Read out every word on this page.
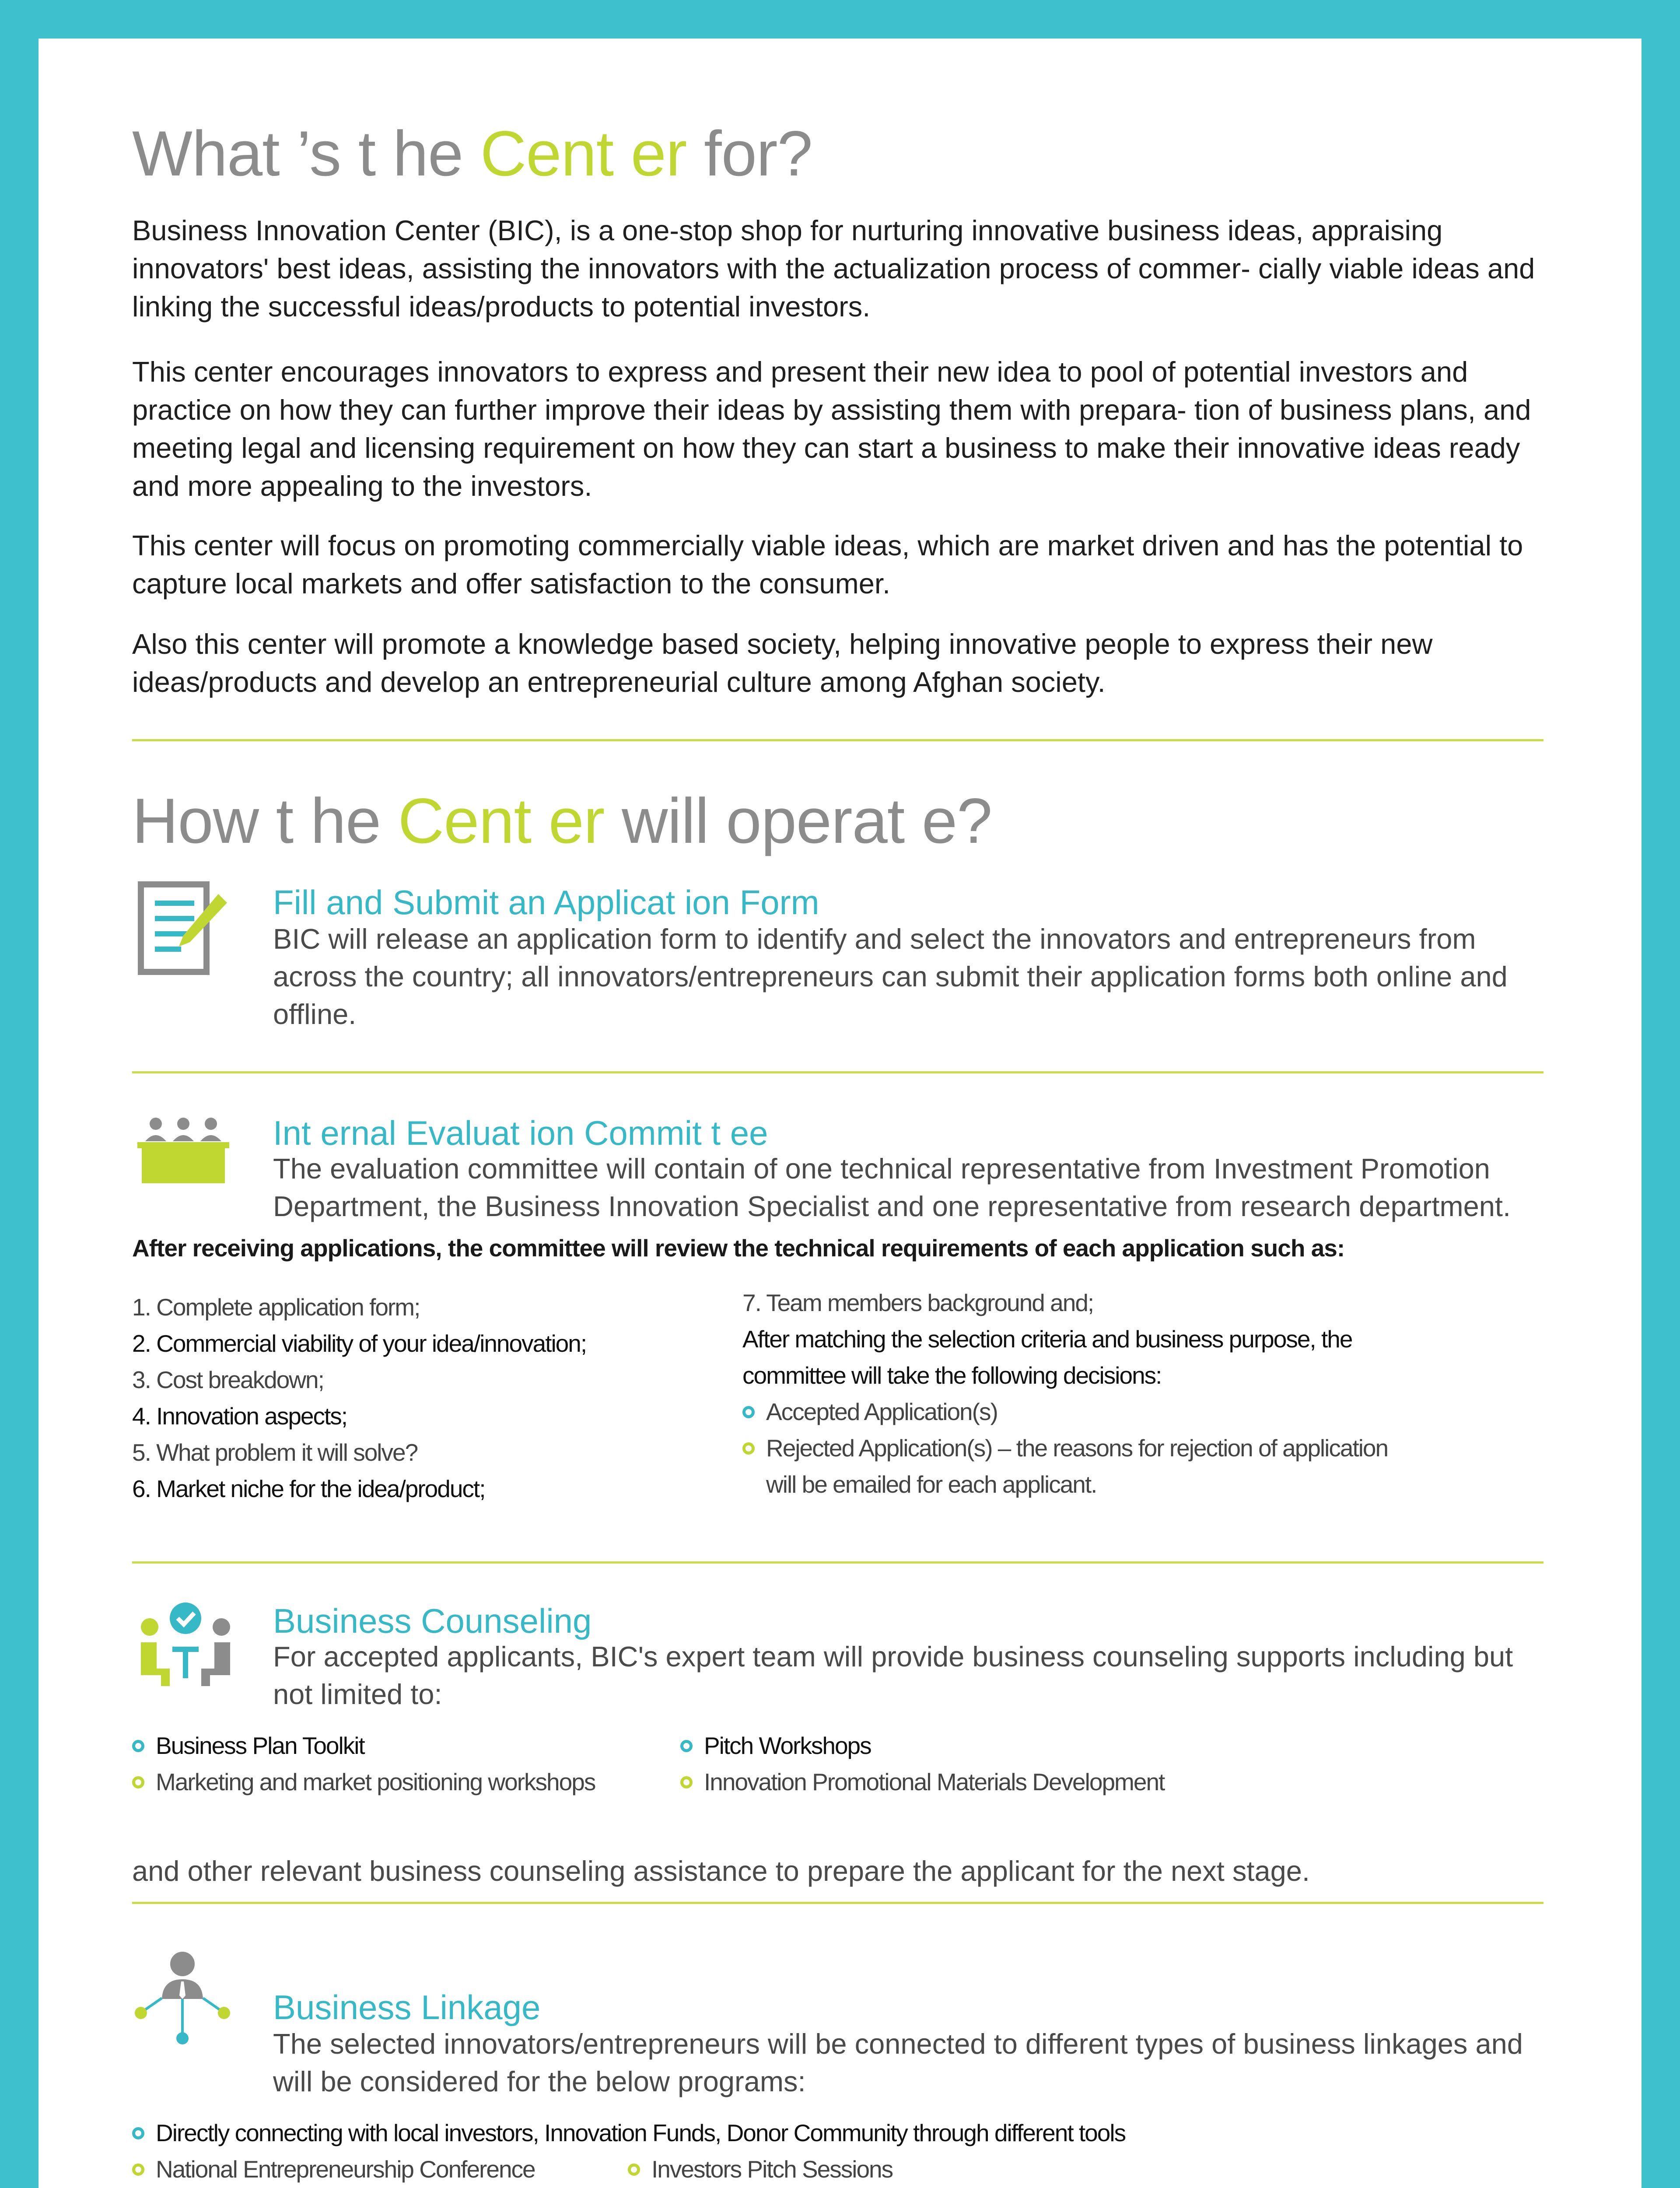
What ’s t he Cent er for?

Business Innovation Center (BIC), is a one-stop shop for nurturing innovative business ideas, appraising innovators' best ideas, assisting the innovators with the actualization process of commer- cially viable ideas and linking the successful ideas/products to potential investors.

This center encourages innovators to express and present their new idea to pool of potential investors and practice on how they can further improve their ideas by assisting them with prepara- tion of business plans, and meeting legal and licensing requirement on how they can start a business to make their innovative ideas ready and more appealing to the investors.

This center will focus on promoting commercially viable ideas, which are market driven and has the potential to capture local markets and offer satisfaction to the consumer.

Also this center will promote a knowledge based society, helping innovative people to express their new ideas/products and develop an entrepreneurial culture among Afghan society.

How t he Cent er will operat e?
Fill and Submit an Applicat ion Form

BIC will release an application form to identify and select the innovators and entrepreneurs from across the country; all innovators/entrepreneurs can submit their application forms both online and offline.

Int ernal Evaluat ion Commit t ee

The evaluation committee will contain of one technical representative from Investment Promotion Department, the Business Innovation Specialist and one representative from research department.

After receiving applications, the committee will review the technical requirements of each application such as:
1. Complete application form;
2. Commercial viability of your idea/innovation;
3. Cost breakdown;
4. Innovation aspects;
5. What problem it will solve?
6. Market niche for the idea/product;
7. Team members background and;
After matching the selection criteria and business purpose, the committee will take the following decisions:
Accepted Application(s)
Rejected Application(s) – the reasons for rejection of application
will be emailed for each applicant.
Business Counseling

For accepted applicants, BIC's expert team will provide business counseling supports including but not limited to:

Business Plan Toolkit	Pitch Workshops
Marketing and market positioning workshops	Innovation Promotional Materials Development

and other relevant business counseling assistance to prepare the applicant for the next stage.

Business Linkage

The selected innovators/entrepreneurs will be connected to different types of business linkages and will be considered for the below programs:

Directly connecting with local investors, Innovation Funds, Donor Community through different tools
National Entrepreneurship Conference	Investors Pitch Sessions
